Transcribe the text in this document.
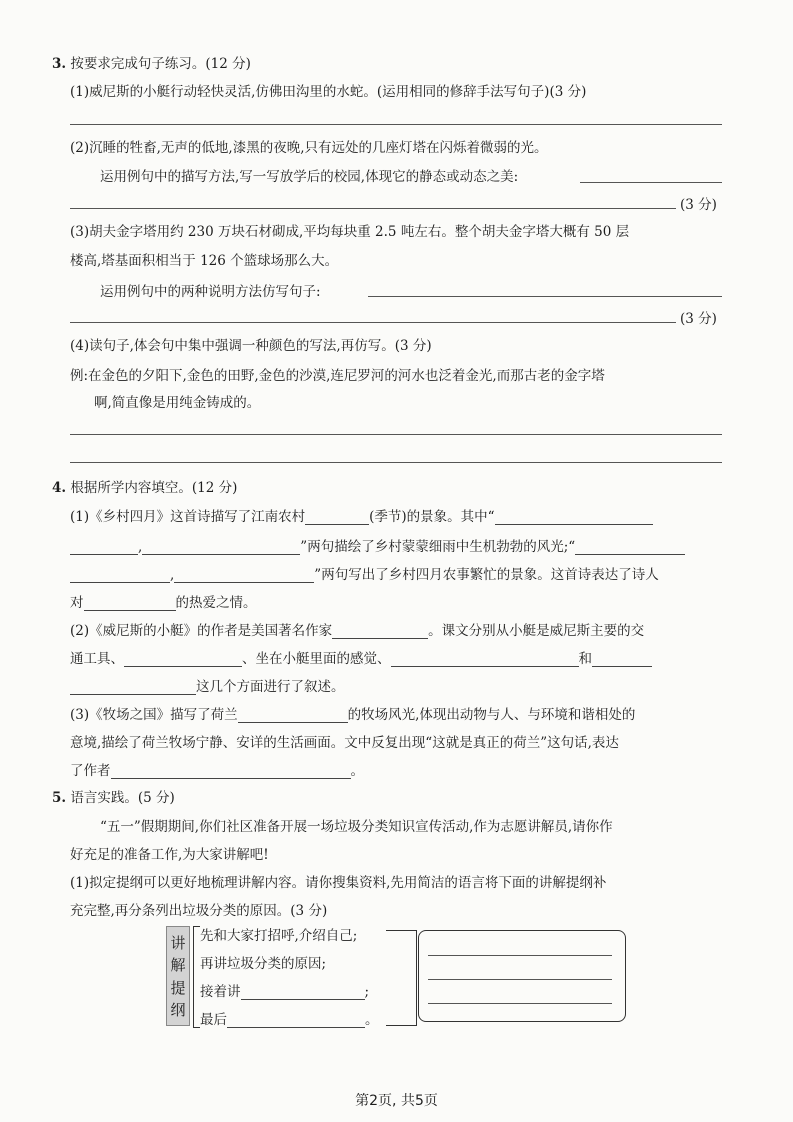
3. 按要求完成句子练习。(12 分)
(1)威尼斯的小艇行动轻快灵活,仿佛田沟里的水蛇。(运用相同的修辞手法写句子)(3 分)
(2)沉睡的牲畜,无声的低地,漆黑的夜晚,只有远处的几座灯塔在闪烁着微弱的光。
运用例句中的描写方法,写一写放学后的校园,体现它的静态或动态之美:
(3 分)
(3)胡夫金字塔用约 230 万块石材砌成,平均每块重 2.5 吨左右。整个胡夫金字塔大概有 50 层
楼高,塔基面积相当于 126 个篮球场那么大。
运用例句中的两种说明方法仿写句子:
(3 分)
(4)读句子,体会句中集中强调一种颜色的写法,再仿写。(3 分)
例:在金色的夕阳下,金色的田野,金色的沙漠,连尼罗河的河水也泛着金光,而那古老的金字塔
啊,简直像是用纯金铸成的。
4. 根据所学内容填空。(12 分)
(1)《乡村四月》这首诗描写了江南农村	(季节)的景象。其中“
,	”两句描绘了乡村蒙蒙细雨中生机勃勃的风光;“
,	”两句写出了乡村四月农事繁忙的景象。这首诗表达了诗人
对	的热爱之情。
(2)《威尼斯的小艇》的作者是美国著名作家	。课文分别从小艇是威尼斯主要的交
通工具、	、坐在小艇里面的感觉、	和
这几个方面进行了叙述。
(3)《牧场之国》描写了荷兰	的牧场风光,体现出动物与人、与环境和谐相处的
意境,描绘了荷兰牧场宁静、安详的生活画面。文中反复出现“这就是真正的荷兰”这句话,表达
了作者	。
5. 语言实践。(5 分)
“五一”假期期间,你们社区准备开展一场垃圾分类知识宣传活动,作为志愿讲解员,请你作
好充足的准备工作,为大家讲解吧!
(1)拟定提纲可以更好地梳理讲解内容。请你搜集资料,先用简洁的语言将下面的讲解提纲补
充完整,再分条列出垃圾分类的原因。(3 分)
讲
解
提
纲
先和大家打招呼,介绍自己;
再讲垃圾分类的原因;
接着讲	;
最后	。
第2页, 共5页
